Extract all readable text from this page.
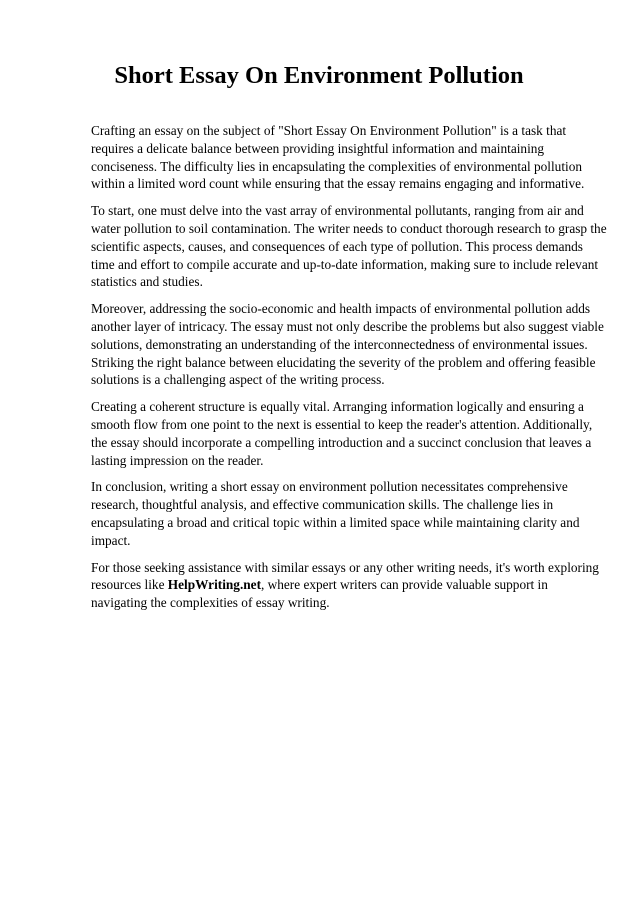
Short Essay On Environment Pollution

Crafting an essay on the subject of "Short Essay On Environment Pollution" is a task that
requires a delicate balance between providing insightful information and maintaining
conciseness. The difficulty lies in encapsulating the complexities of environmental pollution
within a limited word count while ensuring that the essay remains engaging and informative.

To start, one must delve into the vast array of environmental pollutants, ranging from air and
water pollution to soil contamination. The writer needs to conduct thorough research to grasp the
scientific aspects, causes, and consequences of each type of pollution. This process demands
time and effort to compile accurate and up-to-date information, making sure to include relevant
statistics and studies.

Moreover, addressing the socio-economic and health impacts of environmental pollution adds
another layer of intricacy. The essay must not only describe the problems but also suggest viable
solutions, demonstrating an understanding of the interconnectedness of environmental issues.
Striking the right balance between elucidating the severity of the problem and offering feasible
solutions is a challenging aspect of the writing process.

Creating a coherent structure is equally vital. Arranging information logically and ensuring a
smooth flow from one point to the next is essential to keep the reader's attention. Additionally,
the essay should incorporate a compelling introduction and a succinct conclusion that leaves a
lasting impression on the reader.

In conclusion, writing a short essay on environment pollution necessitates comprehensive
research, thoughtful analysis, and effective communication skills. The challenge lies in
encapsulating a broad and critical topic within a limited space while maintaining clarity and
impact.

For those seeking assistance with similar essays or any other writing needs, it's worth exploring
resources like HelpWriting.net, where expert writers can provide valuable support in
navigating the complexities of essay writing.
